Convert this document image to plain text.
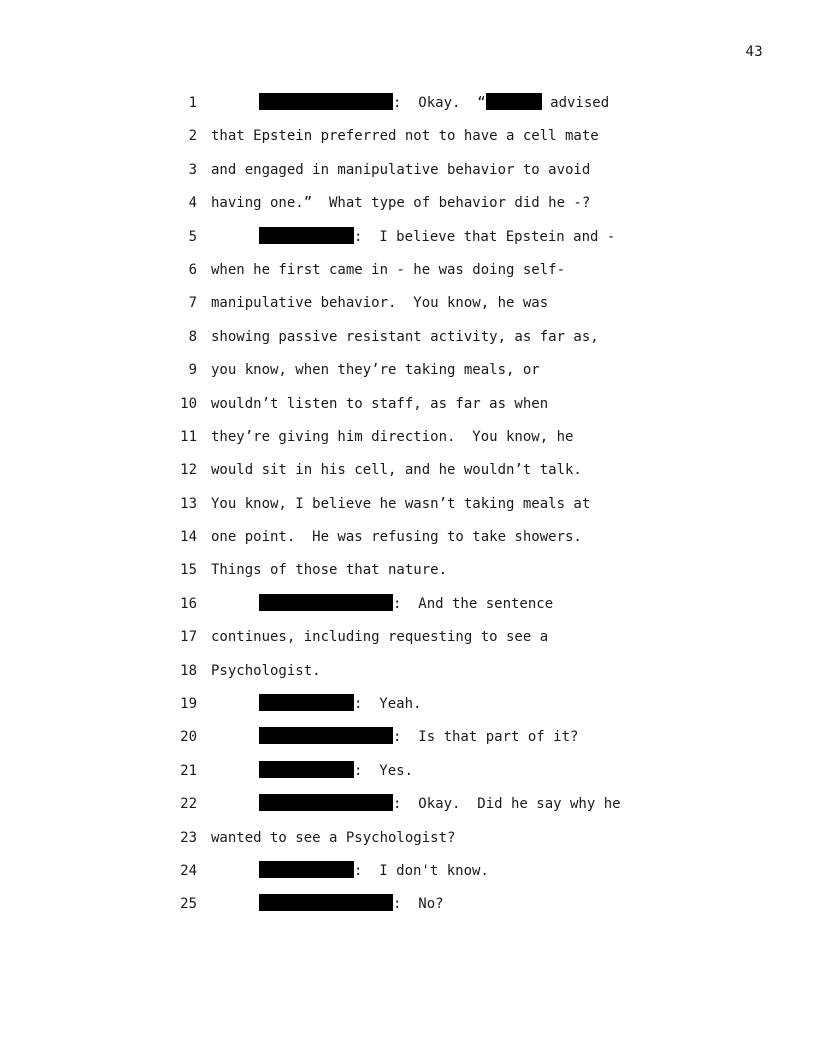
43
1	:  Okay.  “	advised
2 that Epstein preferred not to have a cell mate
3 and engaged in manipulative behavior to avoid
4 having one.”  What type of behavior did he -?
5	:  I believe that Epstein and -
6 when he first came in - he was doing self-
7 manipulative behavior.  You know, he was
8 showing passive resistant activity, as far as,
9 you know, when they’re taking meals, or
10 wouldn’t listen to staff, as far as when
11 they’re giving him direction.  You know, he
12 would sit in his cell, and he wouldn’t talk.
13 You know, I believe he wasn’t taking meals at
14 one point.  He was refusing to take showers.
15 Things of those that nature.
16	:  And the sentence
17 continues, including requesting to see a
18 Psychologist.
19	:  Yeah.
20	:  Is that part of it?
21	:  Yes.
22	:  Okay.  Did he say why he
23 wanted to see a Psychologist?
24	:  I don't know.
25	:  No?
